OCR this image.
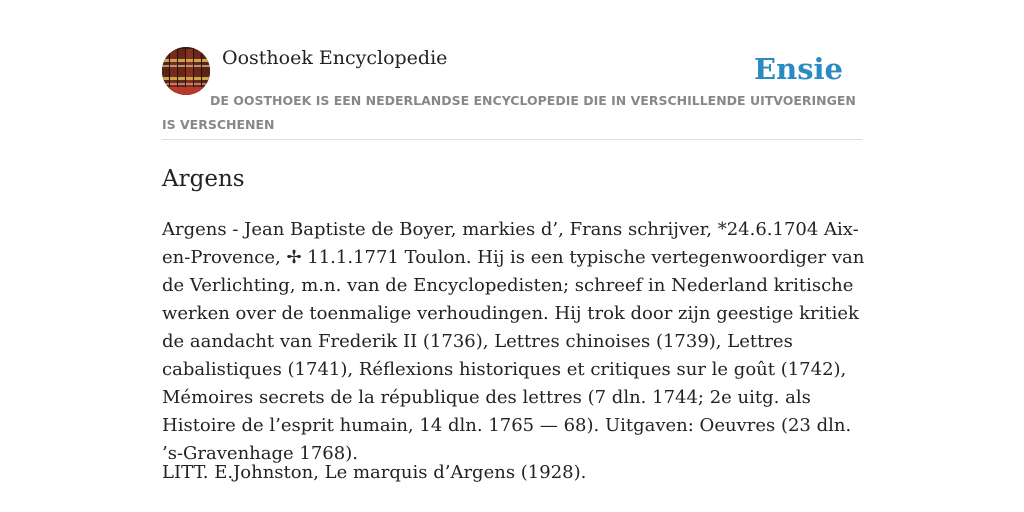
Oosthoek Encyclopedie	Ensie

DE OOSTHOEK IS EEN NEDERLANDSE ENCYCLOPEDIE DIE IN VERSCHILLENDE UITVOERINGEN IS VERSCHENEN

Argens

Argens - Jean Baptiste de Boyer, markies d’, Frans schrijver, *24.6.1704 Aix-en-Provence, ✢ 11.1.1771 Toulon. Hij is een typische vertegenwoordiger van de Verlichting, m.n. van de Encyclopedisten; schreef in Nederland kritische werken over de toenmalige verhoudingen. Hij trok door zijn geestige kritiek de aandacht van Frederik II (1736), Lettres chinoises (1739), Lettres cabalistiques (1741), Réflexions historiques et critiques sur le goût (1742), Mémoires secrets de la république des lettres (7 dln. 1744; 2e uitg. als Histoire de l’esprit humain, 14 dln. 1765 — 68). Uitgaven: Oeuvres (23 dln. ’s-Gravenhage 1768).

LITT. E.Johnston, Le marquis d’Argens (1928).
